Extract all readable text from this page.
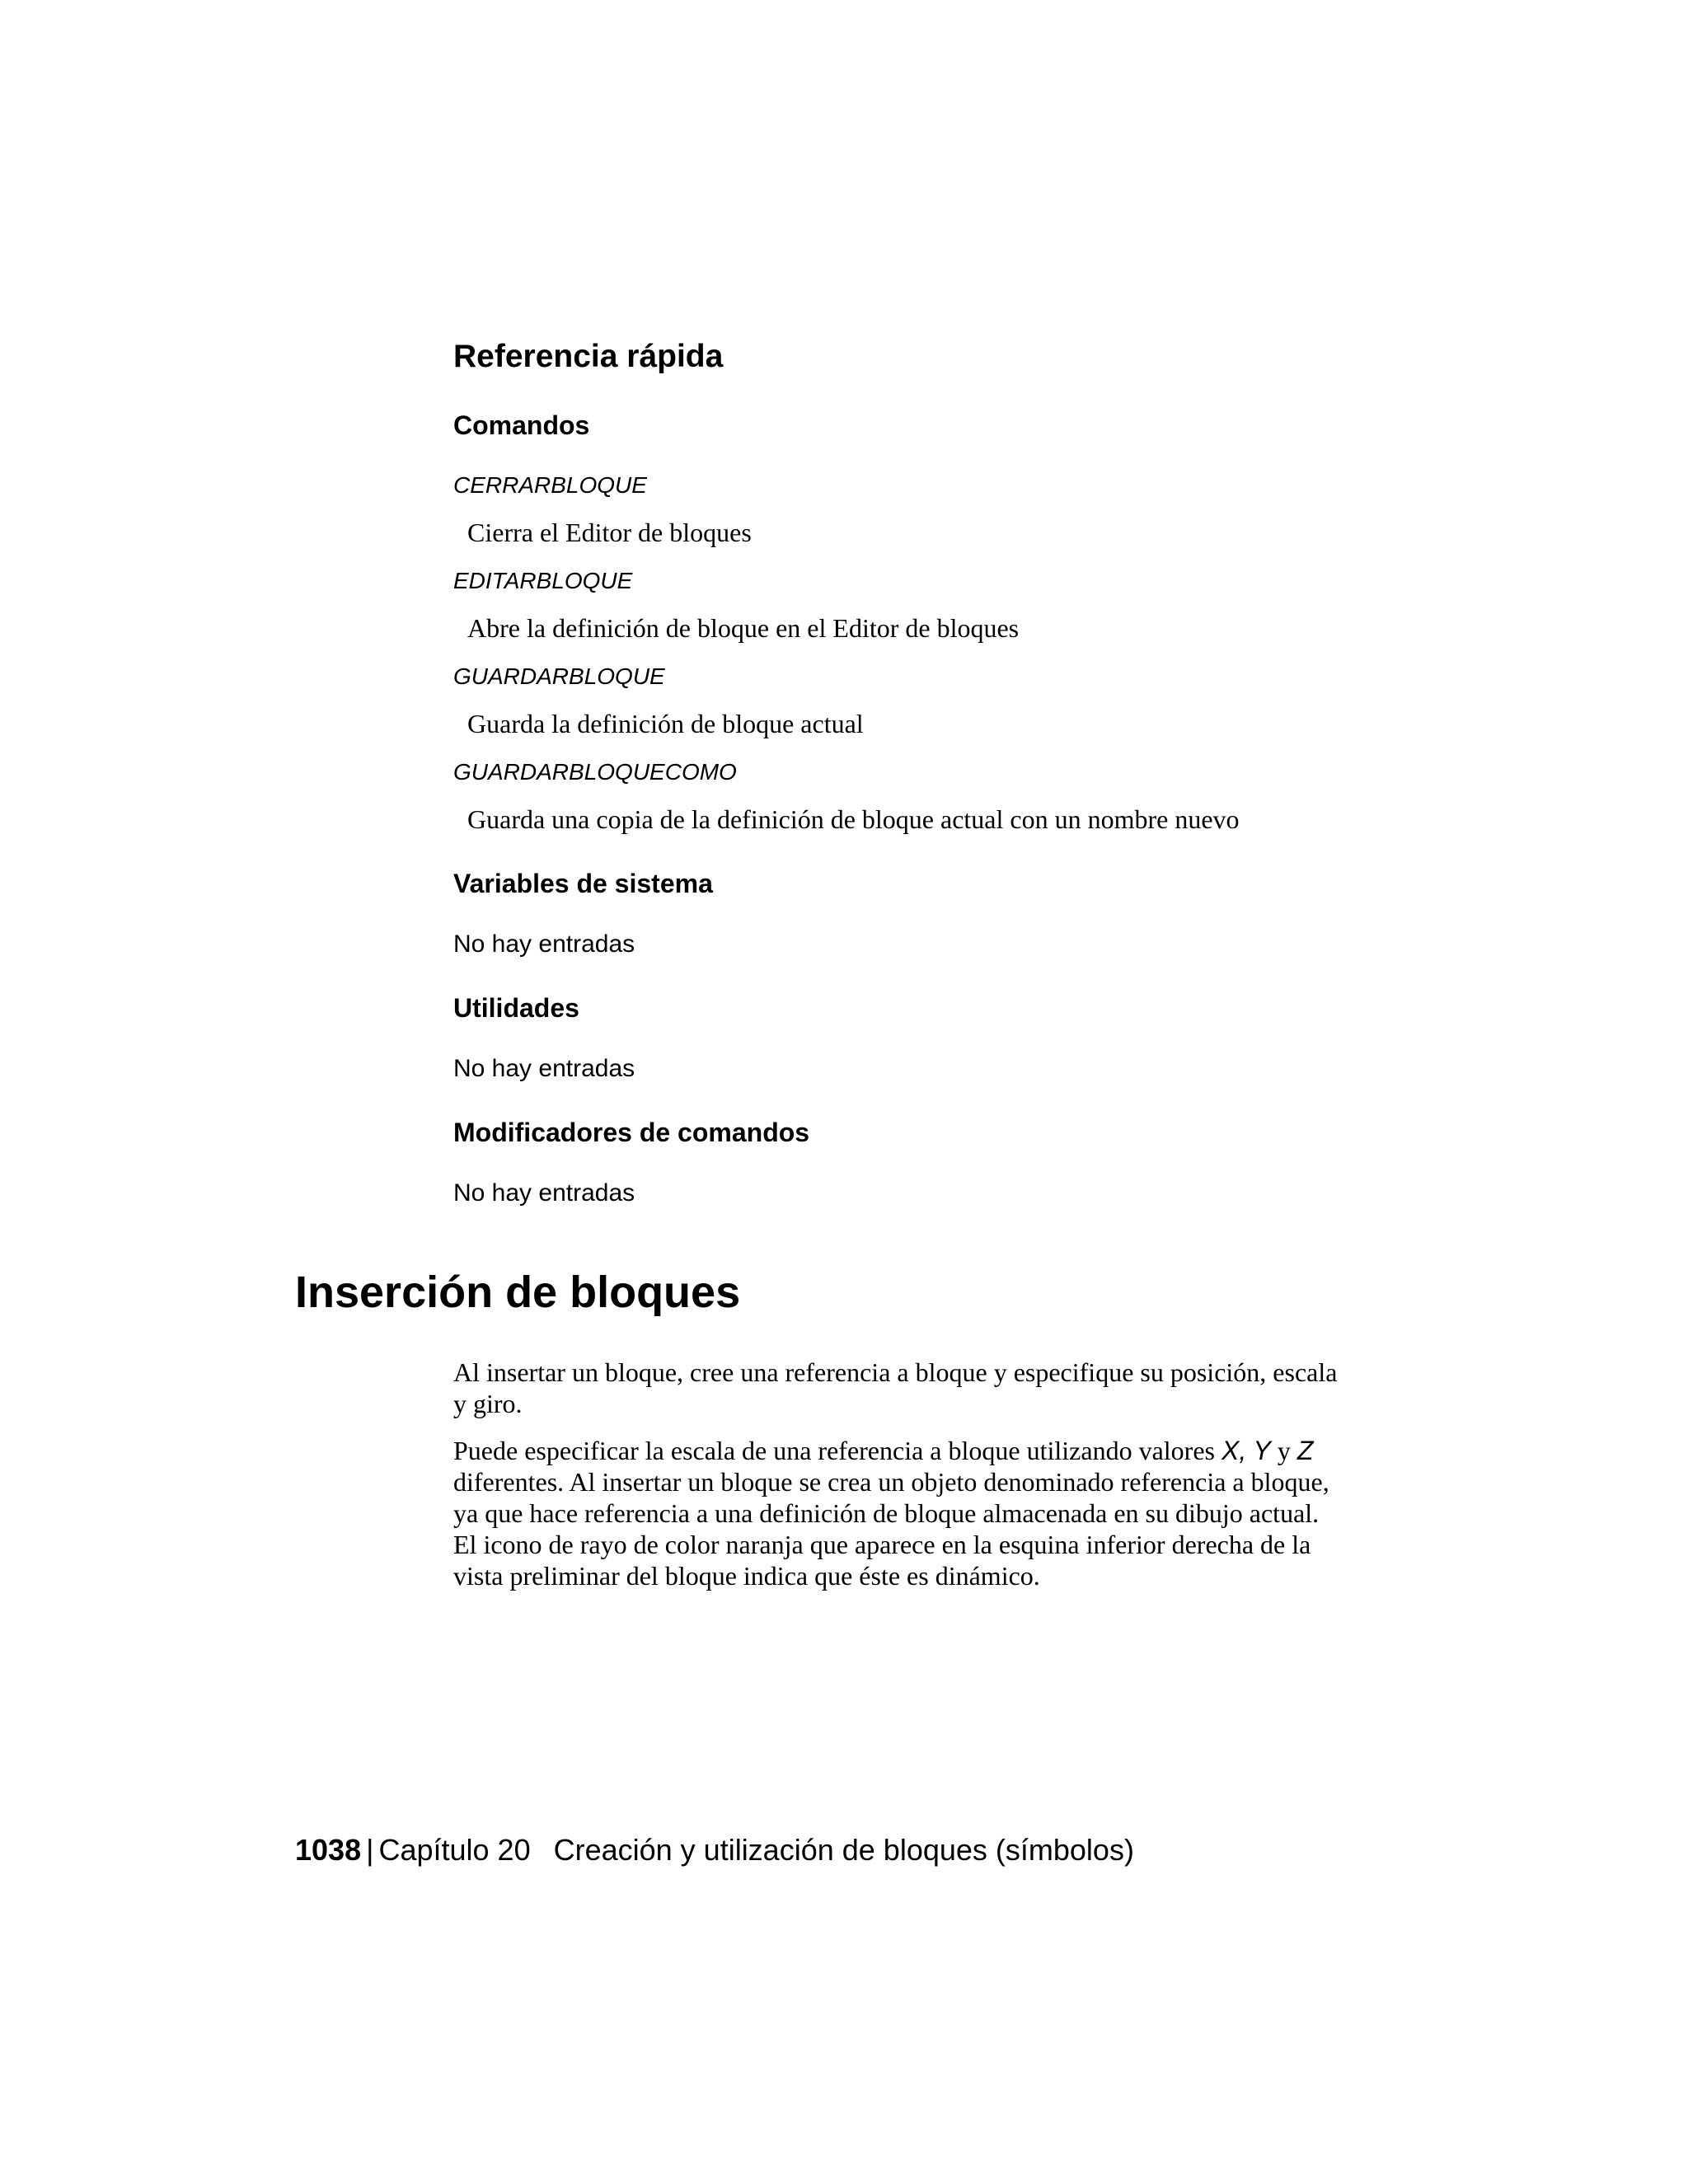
Referencia rápida
Comandos
CERRARBLOQUE
Cierra el Editor de bloques
EDITARBLOQUE
Abre la definición de bloque en el Editor de bloques
GUARDARBLOQUE
Guarda la definición de bloque actual
GUARDARBLOQUECOMO
Guarda una copia de la definición de bloque actual con un nombre nuevo
Variables de sistema
No hay entradas
Utilidades
No hay entradas
Modificadores de comandos
No hay entradas
Inserción de bloques

Al insertar un bloque, cree una referencia a bloque y especifique su posición, escala y giro.

Puede especificar la escala de una referencia a bloque utilizando valores X, Y y Z diferentes. Al insertar un bloque se crea un objeto denominado referencia a bloque, ya que hace referencia a una definición de bloque almacenada en su dibujo actual. El icono de rayo de color naranja que aparece en la esquina inferior derecha de la vista preliminar del bloque indica que éste es dinámico.

1038 | Capítulo 20 Creación y utilización de bloques (símbolos)
